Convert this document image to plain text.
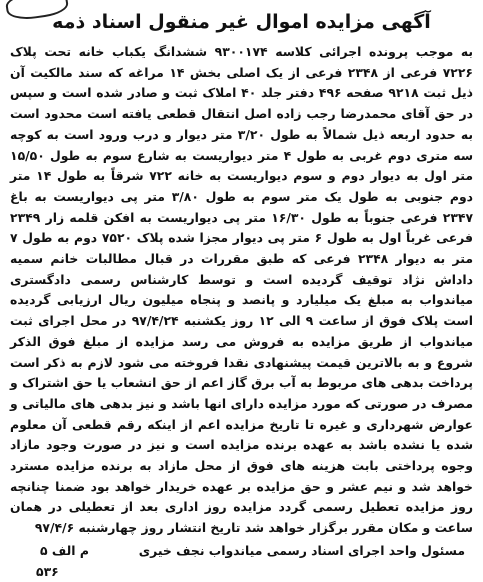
آگهی مزایده اموال غیر منقول اسناد ذمه
به موجب پرونده اجرائی کلاسه ۹۳۰۰۱۷۴ ششدانگ یکباب خانه تحت پلاک ۷۲۲۶ فرعی از ۲۳۴۸ فرعی از یک اصلی بخش ۱۴ مراغه که سند مالکیت آن ذیل ثبت ۹۲۱۸ صفحه ۴۹۶ دفتر جلد ۴۰ املاک ثبت و صادر شده است و سپس در حق آقای محمدرضا رجب زاده اصل انتقال قطعی یافته است محدود است به حدود اربعه ذیل شمالاً به طول ۳/۲۰ متر دیوار و درب ورود است به کوچه سه متری دوم غربی به طول ۴ متر دیواریست به شارع سوم به طول ۱۵/۵۰ متر اول به دیوار دوم و سوم دیواریست به خانه ۷۲۲ شرقاً به طول ۱۴ متر دوم جنوبی به طول یک متر سوم به طول ۳/۸۰ متر پی دیواریست به باغ ۲۳۴۷ فرعی جنوباً به طول ۱۶/۳۰ متر پی دیواریست به افکن قلمه زار ۲۳۴۹ فرعی غرباً اول به طول ۶ متر پی دیوار مجزا شده پلاک ۷۵۲۰ دوم به طول ۷ متر به دیوار ۲۳۴۸ فرعی که طبق مقررات در قبال مطالبات خانم سمیه داداش نژاد توقیف گردیده است و توسط کارشناس رسمی دادگستری میاندواب به مبلغ یک میلیارد و پانصد و پنجاه میلیون ریال ارزیابی گردیده است پلاک فوق از ساعت ۹ الی ۱۲ روز یکشنبه ۹۷/۴/۲۴ در محل اجرای ثبت میاندواب از طریق مزایده به فروش می رسد مزایده از مبلغ فوق الذکر شروع و به بالاترین قیمت پیشنهادی نقدا فروخته می شود لازم به ذکر است پرداخت بدهی های مربوط به آب برق گاز اعم از حق انشعاب یا حق اشتراک و مصرف در صورتی که مورد مزایده دارای انها باشد و نیز بدهی های مالیاتی و عوارض شهرداری و غیره تا تاریخ مزایده اعم از اینکه رقم قطعی آن معلوم شده یا نشده باشد به عهده برنده مزایده است و نیز در صورت وجود مازاد وجوه پرداختی بابت هزینه های فوق از محل مازاد به برنده مزایده مسترد خواهد شد و نیم عشر و حق مزایده بر عهده خریدار خواهد بود ضمنا چنانچه روز مزایده تعطیل رسمی گردد مزایده روز اداری بعد از تعطیلی در همان ساعت و مکان مقرر برگزار خواهد شد تاریخ انتشار روز چهارشنبه ۹۷/۴/۶
مسئول واحد اجرای اسناد رسمی میاندواب نجف خیری
م الف ۵
۵۳۶
